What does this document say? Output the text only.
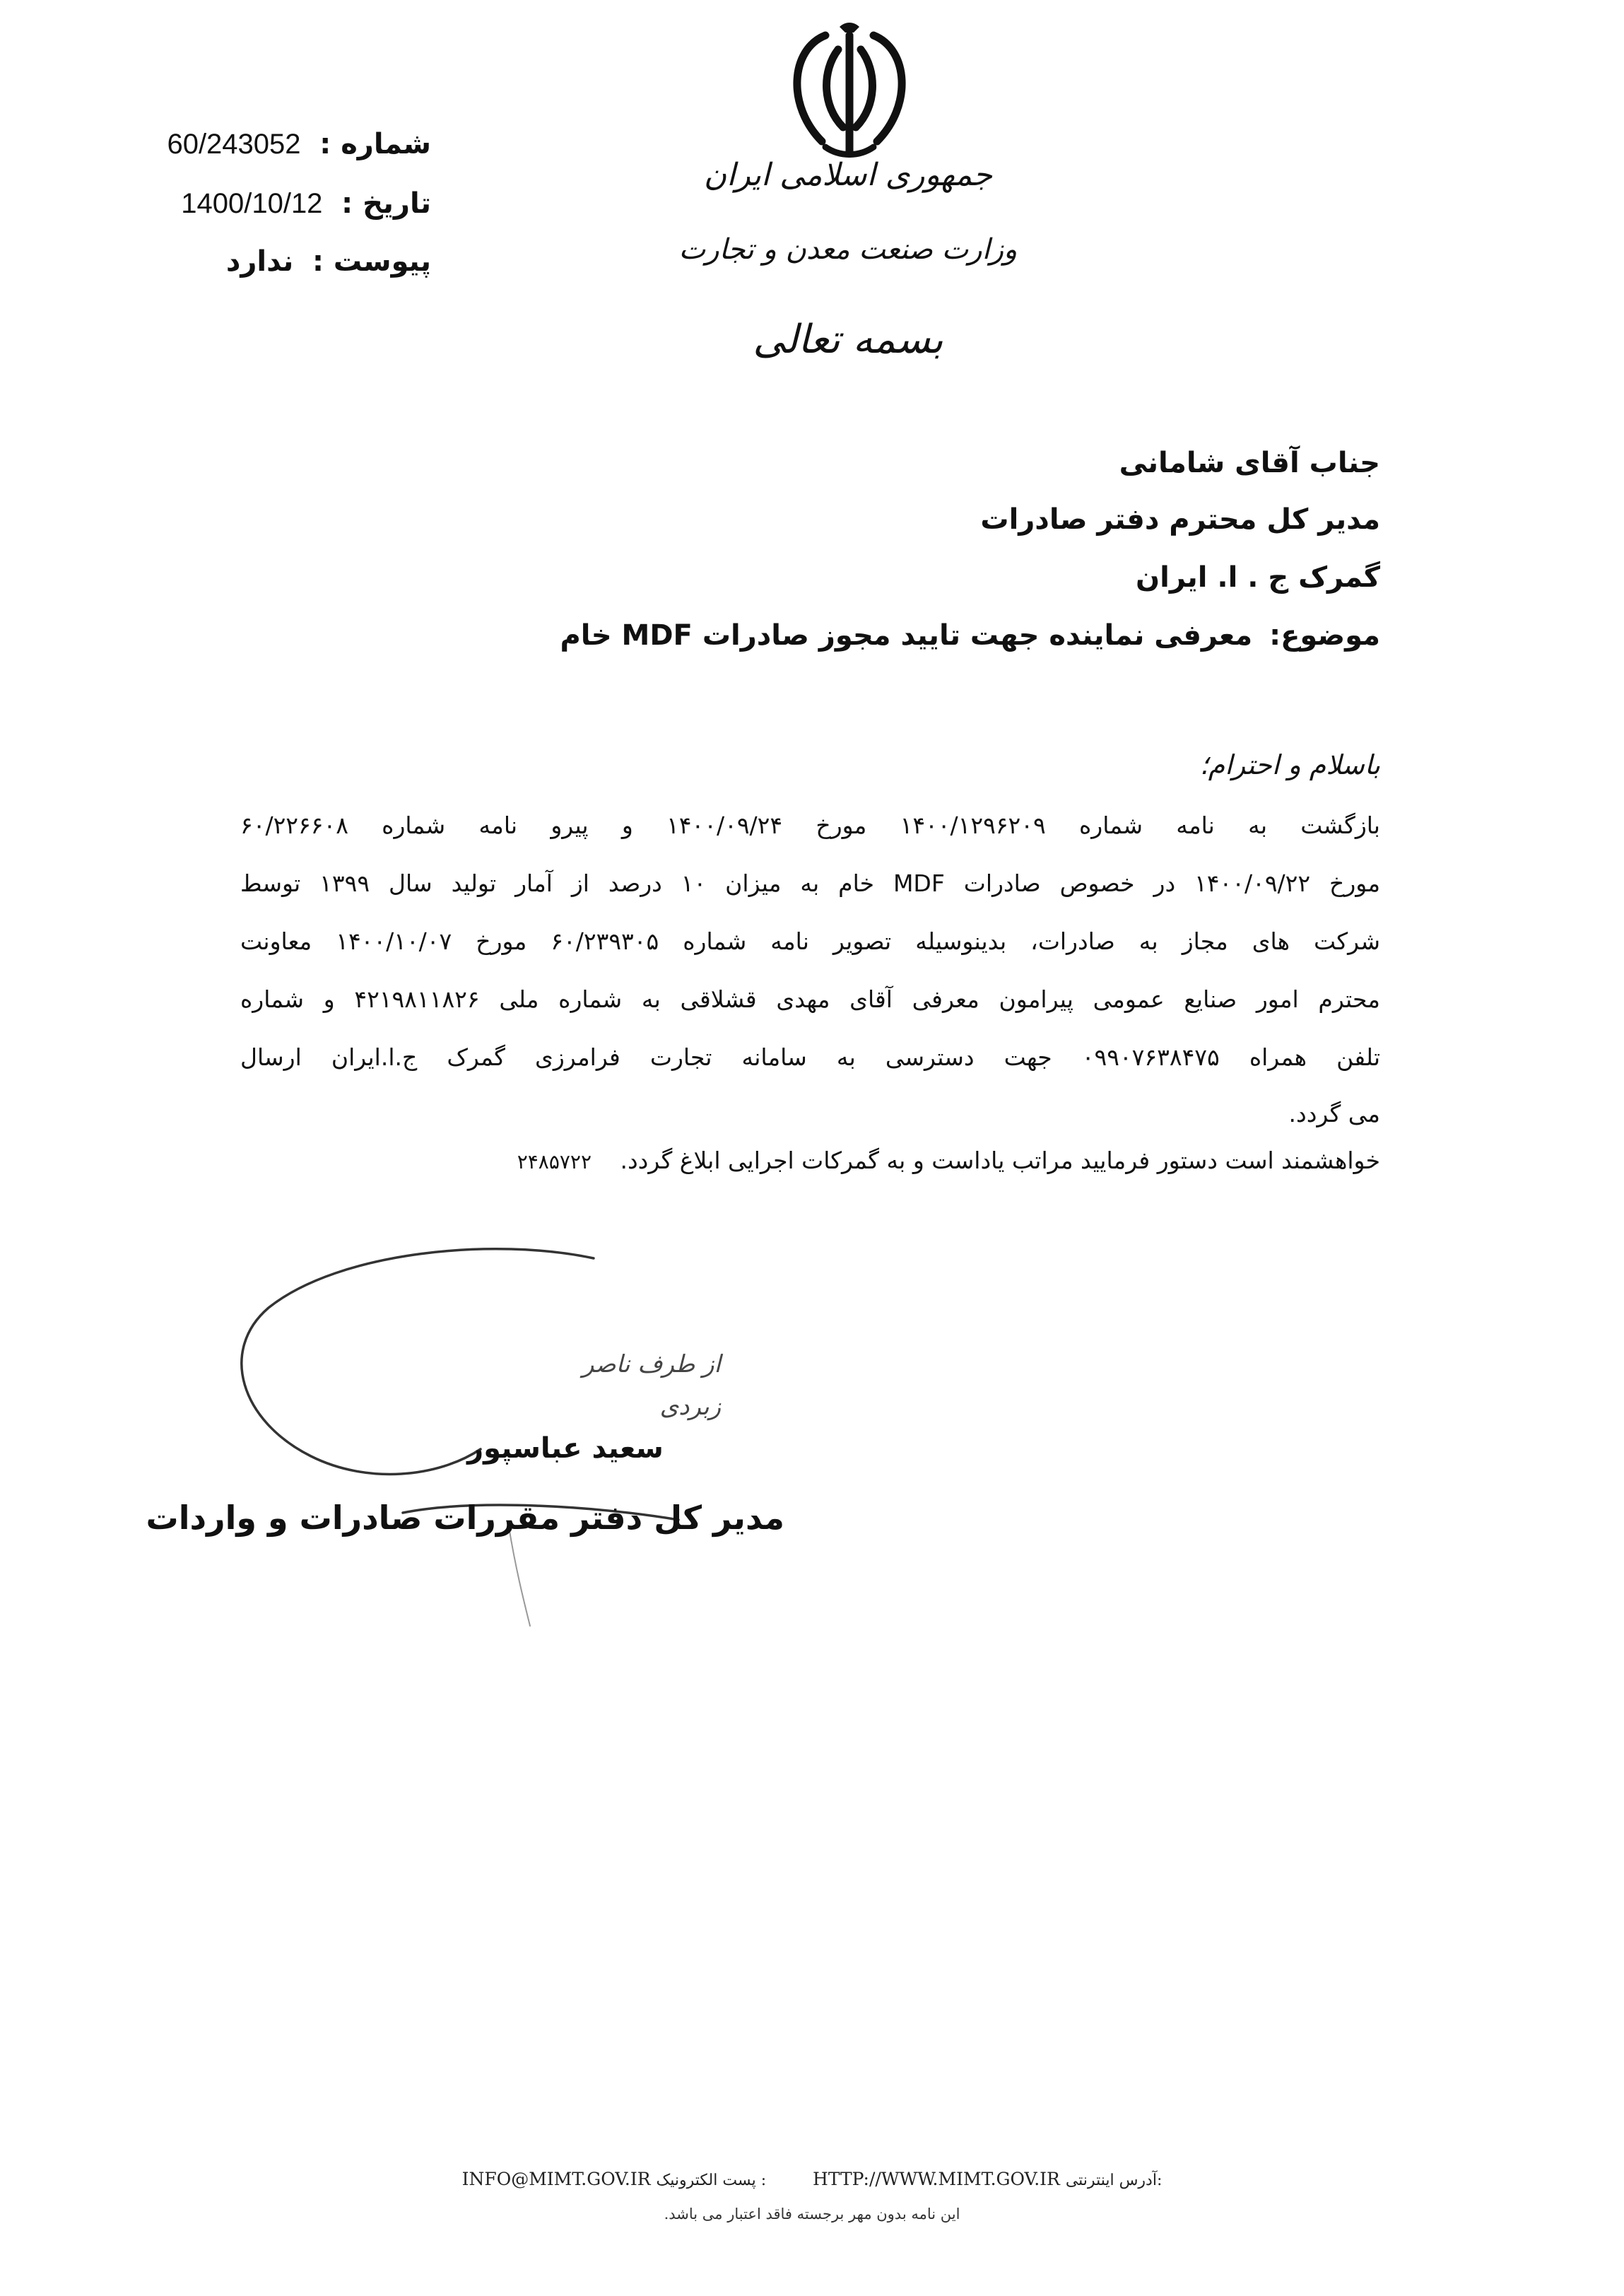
شماره : 60/243052
تاریخ : 1400/10/12
پیوست : ندارد
جمهوری اسلامی ایران
وزارت صنعت معدن و تجارت
بسمه تعالی
جناب آقای شامانی
مدیر کل محترم دفتر صادرات
گمرک ج . ا. ایران
موضوع: معرفی نماینده جهت تایید مجوز صادرات MDF خام
باسلام و احترام؛
بازگشت به نامه شماره ۱۴۰۰/۱۲۹۶۲۰۹ مورخ ۱۴۰۰/۰۹/۲۴ و پیرو نامه شماره ۶۰/۲۲۶۶۰۸
مورخ ۱۴۰۰/۰۹/۲۲ در خصوص صادرات MDF خام به میزان ۱۰ درصد از آمار تولید سال ۱۳۹۹ توسط
شرکت های مجاز به صادرات، بدینوسیله تصویر نامه شماره ۶۰/۲۳۹۳۰۵ مورخ ۱۴۰۰/۱۰/۰۷ معاونت
محترم امور صنایع عمومی پیرامون معرفی آقای مهدی قشلاقی به شماره ملی ۴۲۱۹۸۱۱۸۲۶ و شماره
تلفن همراه ۰۹۹۰۷۶۳۸۴۷۵ جهت دسترسی به سامانه تجارت فرامرزی گمرک ج.ا.ایران ارسال
می گردد.
خواهشمند است دستور فرمایید مراتب یاداست و به گمرکات اجرایی ابلاغ گردد. ۲۴۸۵۷۲۲
از طرف ناصر زبردی
سعید عباسپور
مدیر کل دفتر مقررات صادرات و واردات
INFO@MIMT.GOV.IR پست الکترونیک :	HTTP://WWW.MIMT.GOV.IR آدرس اینترنتی:
این نامه بدون مهر برجسته فاقد اعتبار می باشد.
